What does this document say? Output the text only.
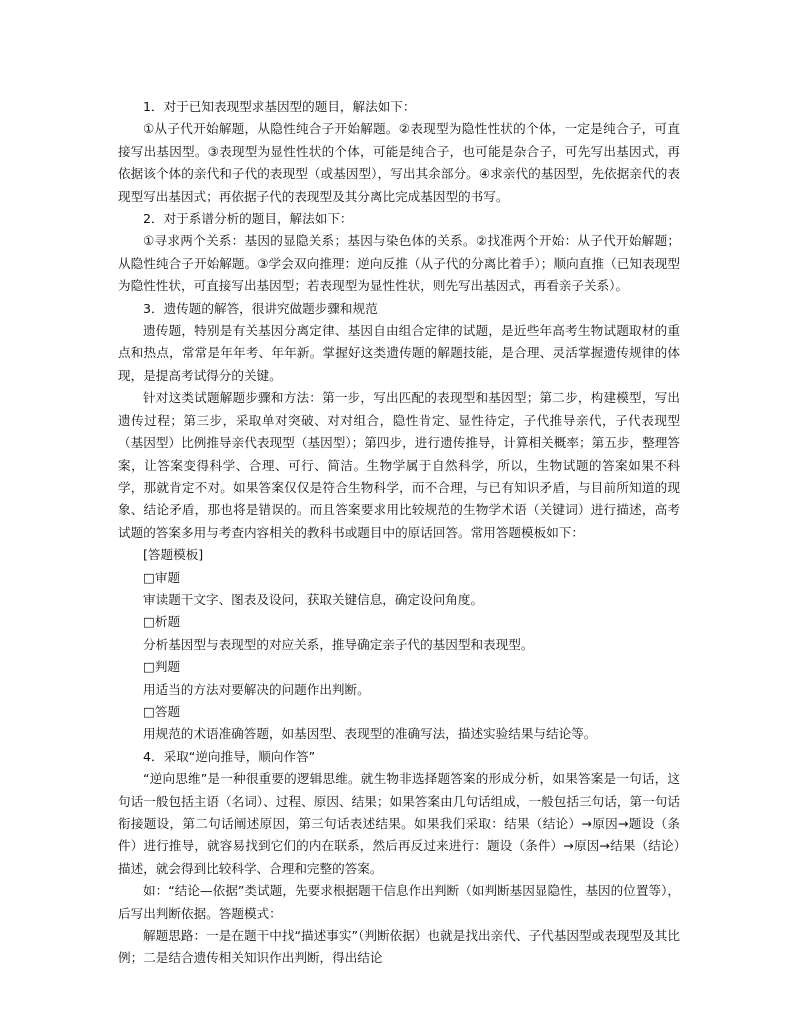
1．对于已知表现型求基因型的题目，解法如下：

①从子代开始解题，从隐性纯合子开始解题。②表现型为隐性性状的个体，一定是纯合子，可直接写出基因型。③表现型为显性性状的个体，可能是纯合子，也可能是杂合子，可先写出基因式，再依据该个体的亲代和子代的表现型（或基因型），写出其余部分。④求亲代的基因型，先依据亲代的表现型写出基因式；再依据子代的表现型及其分离比完成基因型的书写。

2．对于系谱分析的题目，解法如下：

①寻求两个关系：基因的显隐关系；基因与染色体的关系。②找准两个开始：从子代开始解题；从隐性纯合子开始解题。③学会双向推理：逆向反推（从子代的分离比着手）；顺向直推（已知表现型为隐性性状，可直接写出基因型；若表现型为显性性状，则先写出基因式，再看亲子关系）。

3．遗传题的解答，很讲究做题步骤和规范

遗传题，特别是有关基因分离定律、基因自由组合定律的试题，是近些年高考生物试题取材的重点和热点，常常是年年考、年年新。掌握好这类遗传题的解题技能，是合理、灵活掌握遗传规律的体现，是提高考试得分的关键。

针对这类试题解题步骤和方法：第一步，写出匹配的表现型和基因型；第二步，构建模型，写出遗传过程；第三步，采取单对突破、对对组合，隐性肯定、显性待定，子代推导亲代，子代表现型（基因型）比例推导亲代表现型（基因型）；第四步，进行遗传推导，计算相关概率；第五步，整理答案，让答案变得科学、合理、可行、简洁。生物学属于自然科学，所以，生物试题的答案如果不科学，那就肯定不对。如果答案仅仅是符合生物科学，而不合理，与已有知识矛盾，与目前所知道的现象、结论矛盾，那也将是错误的。而且答案要求用比较规范的生物学术语（关键词）进行描述，高考试题的答案多用与考查内容相关的教科书或题目中的原话回答。常用答题模板如下：

[答题模板]

□审题

审读题干文字、图表及设问，获取关键信息，确定设问角度。

□析题

分析基因型与表现型的对应关系，推导确定亲子代的基因型和表现型。

□判题

用适当的方法对要解决的问题作出判断。

□答题

用规范的术语准确答题，如基因型、表现型的准确写法，描述实验结果与结论等。

4．采取“逆向推导，顺向作答”

“逆向思维”是一种很重要的逻辑思维。就生物非选择题答案的形成分析，如果答案是一句话，这句话一般包括主语（名词）、过程、原因、结果；如果答案由几句话组成，一般包括三句话，第一句话衔接题设，第二句话阐述原因，第三句话表述结果。如果我们采取：结果（结论）→原因→题设（条件）进行推导，就容易找到它们的内在联系，然后再反过来进行：题设（条件）→原因→结果（结论）描述，就会得到比较科学、合理和完整的答案。

如：“结论—依据”类试题，先要求根据题干信息作出判断（如判断基因显隐性，基因的位置等），后写出判断依据。答题模式：

解题思路：一是在题干中找“描述事实”（判断依据）也就是找出亲代、子代基因型或表现型及其比例；二是结合遗传相关知识作出判断，得出结论
